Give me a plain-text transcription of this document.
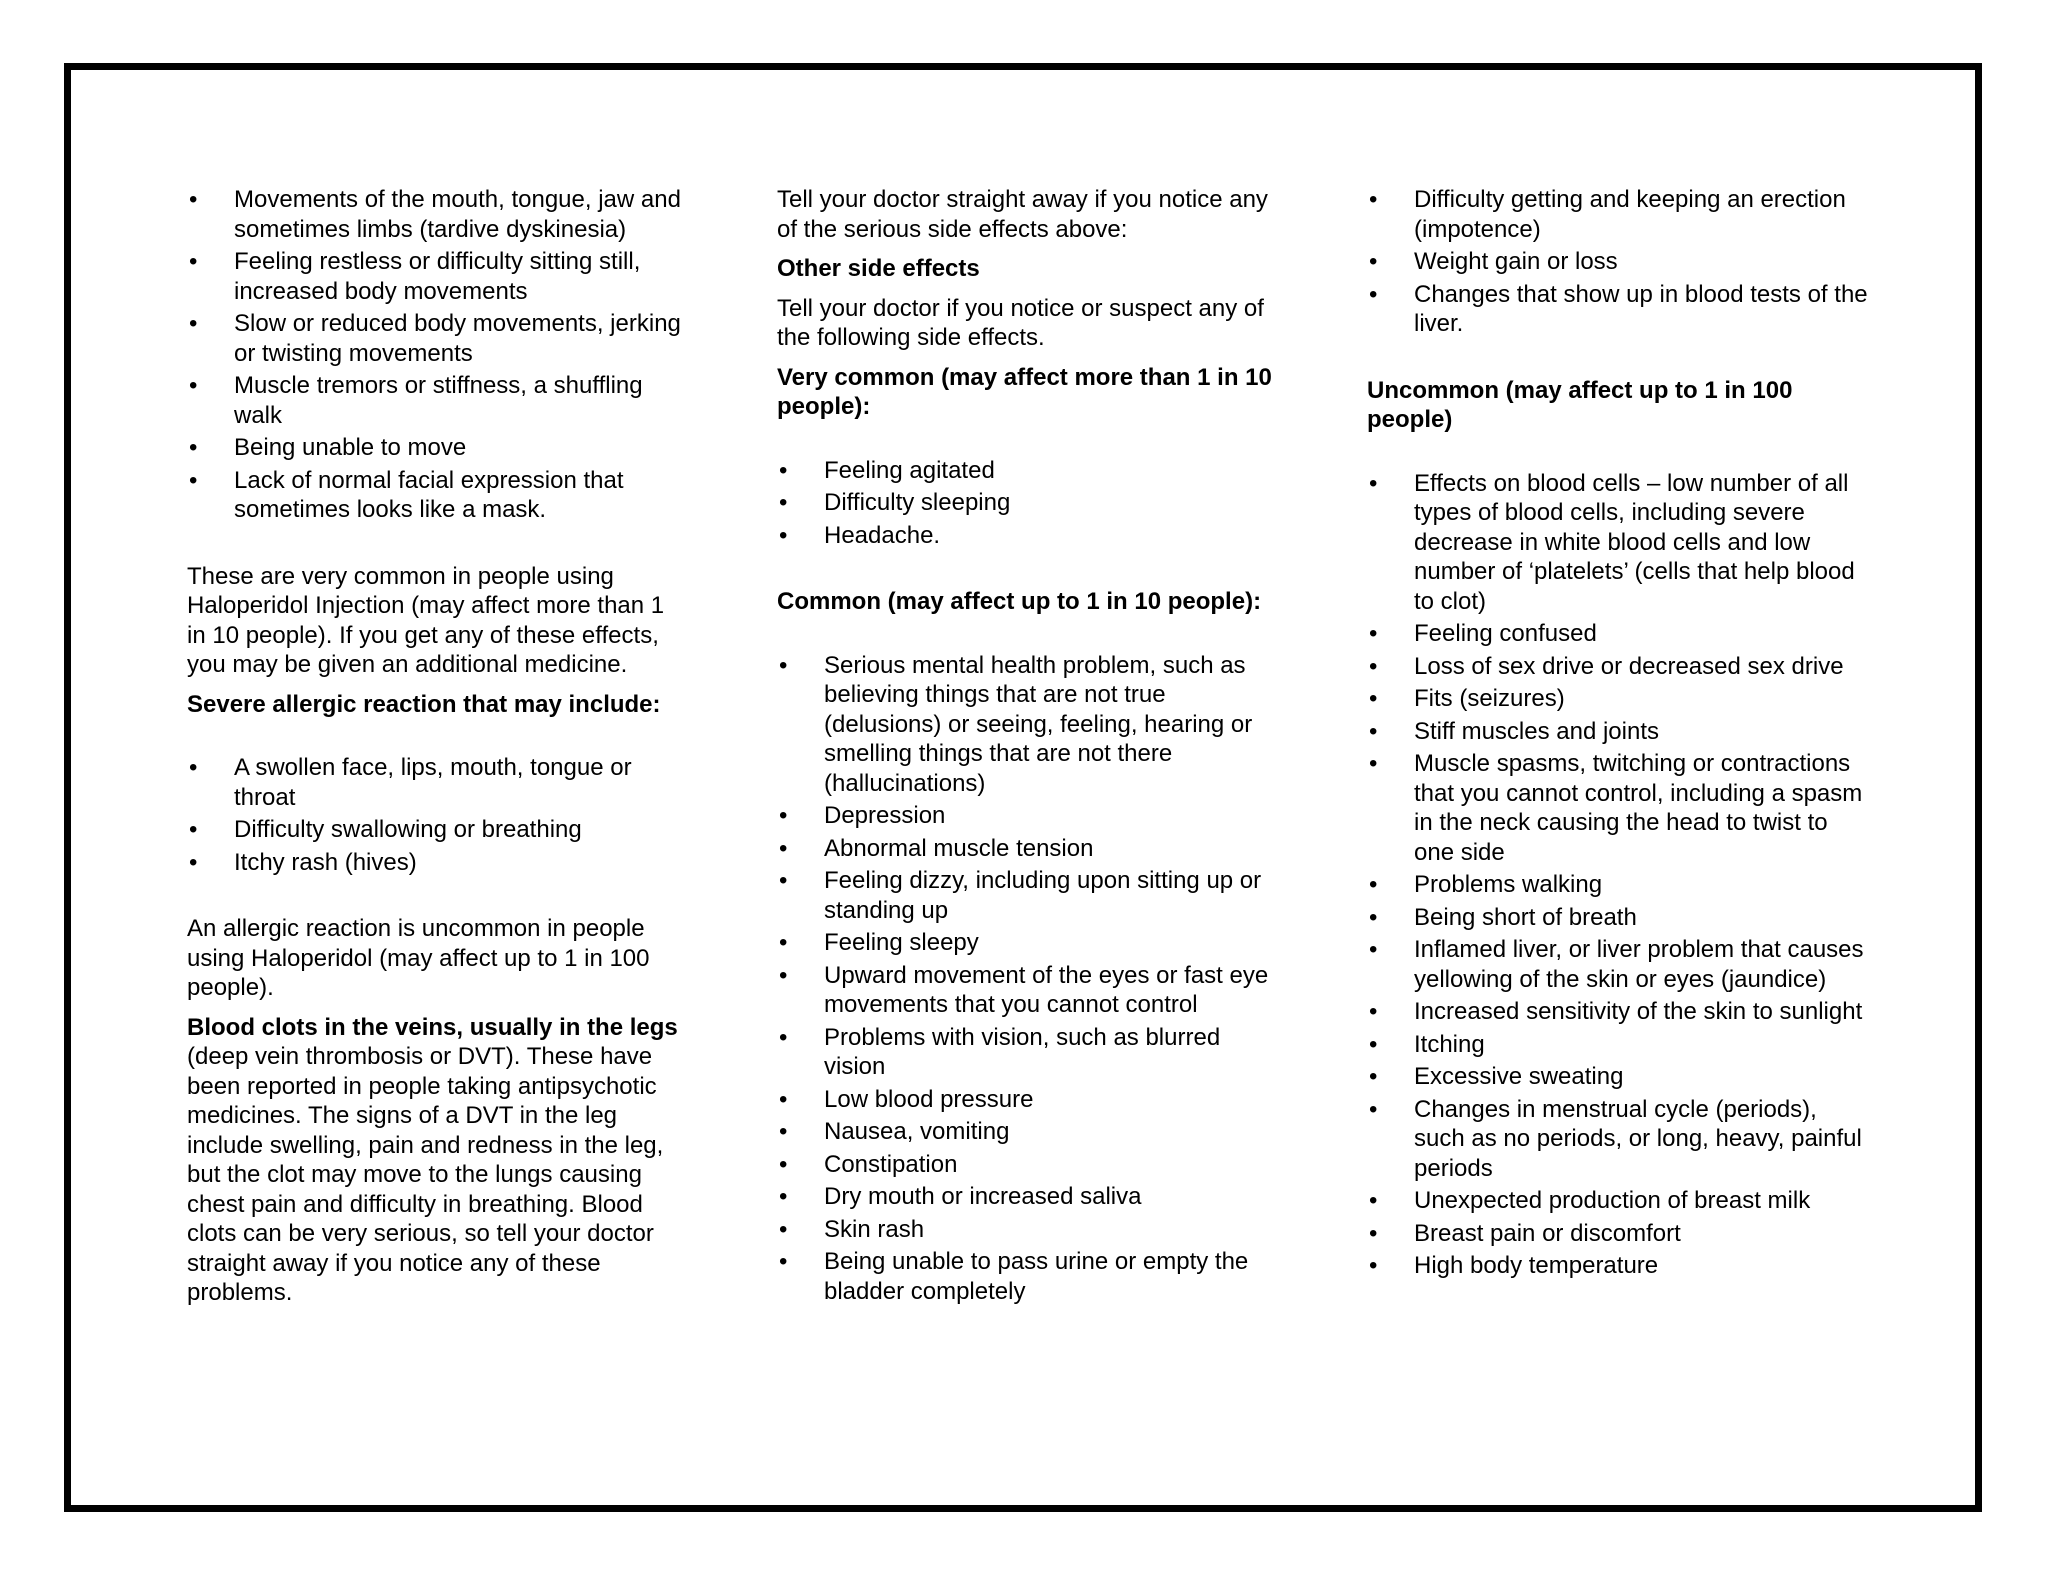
• Movements of the mouth, tongue, jaw and sometimes limbs (tardive dyskinesia)
• Feeling restless or difficulty sitting still, increased body movements
• Slow or reduced body movements, jerking or twisting movements
• Muscle tremors or stiffness, a shuffling walk
• Being unable to move
• Lack of normal facial expression that sometimes looks like a mask.

These are very common in people using Haloperidol Injection (may affect more than 1 in 10 people). If you get any of these effects, you may be given an additional medicine.

Severe allergic reaction that may include:

• A swollen face, lips, mouth, tongue or throat
• Difficulty swallowing or breathing
• Itchy rash (hives)

An allergic reaction is uncommon in people using Haloperidol (may affect up to 1 in 100 people).

Blood clots in the veins, usually in the legs (deep vein thrombosis or DVT). These have been reported in people taking antipsychotic medicines. The signs of a DVT in the leg include swelling, pain and redness in the leg, but the clot may move to the lungs causing chest pain and difficulty in breathing. Blood clots can be very serious, so tell your doctor straight away if you notice any of these problems.

Tell your doctor straight away if you notice any of the serious side effects above:

Other side effects

Tell your doctor if you notice or suspect any of the following side effects.

Very common (may affect more than 1 in 10 people):

• Feeling agitated
• Difficulty sleeping
• Headache.

Common (may affect up to 1 in 10 people):

• Serious mental health problem, such as believing things that are not true (delusions) or seeing, feeling, hearing or smelling things that are not there (hallucinations)
• Depression
• Abnormal muscle tension
• Feeling dizzy, including upon sitting up or standing up
• Feeling sleepy
• Upward movement of the eyes or fast eye movements that you cannot control
• Problems with vision, such as blurred vision
• Low blood pressure
• Nausea, vomiting
• Constipation
• Dry mouth or increased saliva
• Skin rash
• Being unable to pass urine or empty the bladder completely
• Difficulty getting and keeping an erection (impotence)
• Weight gain or loss
• Changes that show up in blood tests of the liver.

Uncommon (may affect up to 1 in 100 people)

• Effects on blood cells – low number of all types of blood cells, including severe decrease in white blood cells and low number of ‘platelets’ (cells that help blood to clot)
• Feeling confused
• Loss of sex drive or decreased sex drive
• Fits (seizures)
• Stiff muscles and joints
• Muscle spasms, twitching or contractions that you cannot control, including a spasm in the neck causing the head to twist to one side
• Problems walking
• Being short of breath
• Inflamed liver, or liver problem that causes yellowing of the skin or eyes (jaundice)
• Increased sensitivity of the skin to sunlight
• Itching
• Excessive sweating
• Changes in menstrual cycle (periods), such as no periods, or long, heavy, painful periods
• Unexpected production of breast milk
• Breast pain or discomfort
• High body temperature
